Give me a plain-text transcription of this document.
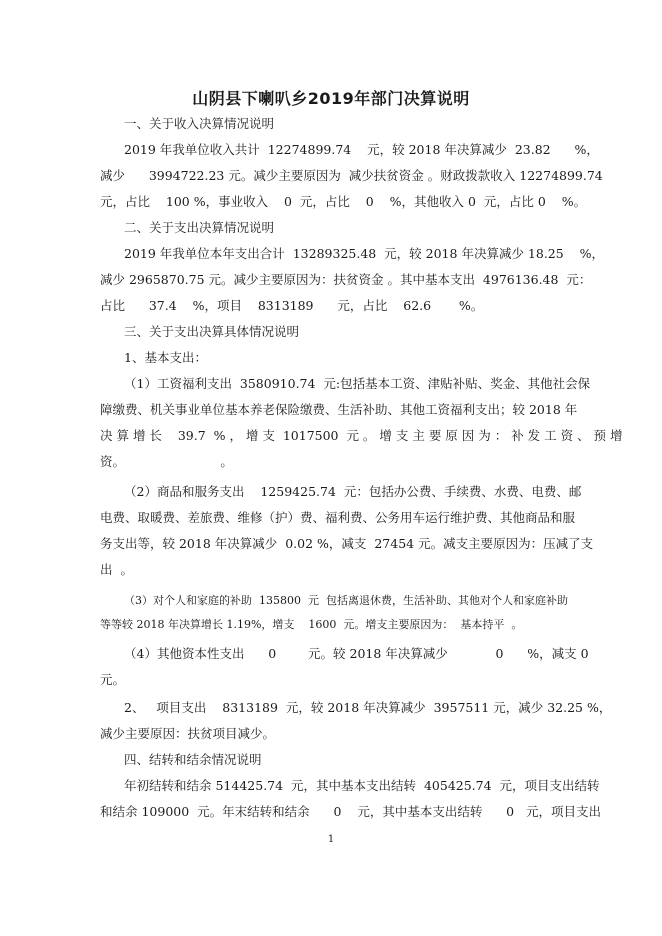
山阴县下喇叭乡2019年部门决算说明
一、关于收入决算情况说明
2019 年我单位收入共计  12274899.74    元，较 2018 年决算减少  23.82      %，
减少      3994722.23 元。减少主要原因为  减少扶贫资金 。财政拨款收入 12274899.74
元，占比    100 %，事业收入    0  元，占比    0    %，其他收入 0  元，占比 0    %。
二、关于支出决算情况说明
2019 年我单位本年支出合计  13289325.48  元，较 2018 年决算减少 18.25    %，
减少 2965870.75 元。减少主要原因为：扶贫资金 。其中基本支出  4976136.48  元：
占比      37.4    %，项目    8313189      元，占比    62.6       %。
三、关于支出决算具体情况说明
1、基本支出：
（1）工资福利支出  3580910.74  元:包括基本工资、津贴补贴、奖金、其他社会保
障缴费、机关事业单位基本养老保险缴费、生活补助、其他工资福利支出；较 2018 年
决 算 增 长    39.7  % ， 增 支  1017500  元 。 增 支 主 要 原 因 为 ： 补 发 工 资 、 预 增
资。                        。
（2）商品和服务支出    1259425.74  元：包括办公费、手续费、水费、电费、邮
电费、取暖费、差旅费、维修（护）费、福利费、公务用车运行维护费、其他商品和服
务支出等，较 2018 年决算减少  0.02 %，减支  27454 元。减支主要原因为：压减了支
出  。
（3）对个人和家庭的补助  135800  元  包括离退休费，生活补助、其他对个人和家庭补助
等等较 2018 年决算增长 1.19%，增支    1600  元。增支主要原因为：  基本持平  。
（4）其他资本性支出      0        元。较 2018 年决算减少            0      %，减支 0
元。
2、   项目支出    8313189  元，较 2018 年决算减少  3957511 元，减少 32.25 %，
减少主要原因：扶贫项目减少。
四、结转和结余情况说明
年初结转和结余 514425.74  元，其中基本支出结转  405425.74  元，项目支出结转
和结余 109000  元。年末结转和结余      0    元，其中基本支出结转      0   元，项目支出
1
